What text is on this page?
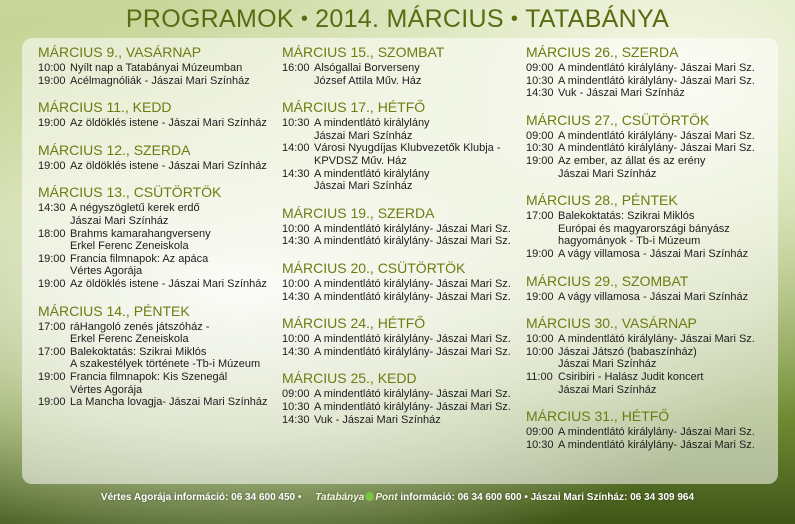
PROGRAMOK • 2014. MÁRCIUS • TATABÁNYA
MÁRCIUS 9., VASÁRNAP
10:00 Nyílt nap a Tatabányai Múzeumban
19:00 Acélmagnóliák - Jászai Mari Színház
MÁRCIUS 11., KEDD
19:00 Az öldöklés istene - Jászai Mari Színház
MÁRCIUS 12., SZERDA
19:00 Az öldöklés istene - Jászai Mari Színház
MÁRCIUS 13., CSÜTÖRTÖK
14:30 A négyszögletű kerek erdő
Jászai Mari Színház
18:00 Brahms kamarahangverseny
Erkel Ferenc Zeneiskola
19:00 Francia filmnapok: Az apáca
Vértes Agorája
19:00 Az öldöklés istene - Jászai Mari Színház
MÁRCIUS 14., PÉNTEK
17:00 ráHangoló zenés játszóház -
Erkel Ferenc Zeneiskola
17:00 Balekoktatás: Szikrai Miklós
A szakestélyek története -Tb-i Múzeum
19:00 Francia filmnapok: Kis Szenegál
Vértes Agorája
19:00 La Mancha lovagja- Jászai Mari Színház
MÁRCIUS 15., SZOMBAT
16:00 Alsógallai Borverseny
József Attila Műv. Ház
MÁRCIUS 17., HÉTFŐ
10:30 A mindentlátó királylány
Jászai Mari Színház
14:00 Városi Nyugdíjas Klubvezetők Klubja -
KPVDSZ Műv. Ház
14:30 A mindentlátó királylány
Jászai Mari Színház
MÁRCIUS 19., SZERDA
10:00 A mindentlátó királylány- Jászai Mari Sz.
14:30 A mindentlátó királylány- Jászai Mari Sz.
MÁRCIUS 20., CSÜTÖRTÖK
10:00 A mindentlátó királylány- Jászai Mari Sz.
14:30 A mindentlátó királylány- Jászai Mari Sz.
MÁRCIUS 24., HÉTFŐ
10:00 A mindentlátó királylány- Jászai Mari Sz.
14:30 A mindentlátó királylány- Jászai Mari Sz.
MÁRCIUS 25., KEDD
09:00 A mindentlátó királylány- Jászai Mari Sz.
10:30 A mindentlátó királylány- Jászai Mari Sz.
14:30 Vuk - Jászai Mari Színház
MÁRCIUS 26., SZERDA
09:00 A mindentlátó királylány- Jászai Mari Sz.
10:30 A mindentlátó királylány- Jászai Mari Sz.
14:30 Vuk - Jászai Mari Színház
MÁRCIUS 27., CSÜTÖRTÖK
09:00 A mindentlátó királylány- Jászai Mari Sz.
10:30 A mindentlátó királylány- Jászai Mari Sz.
19:00 Az ember, az állat és az erény
Jászai Mari Színház
MÁRCIUS 28., PÉNTEK
17:00 Balekoktatás: Szikrai Miklós
Európai és magyarországi bányász
hagyományok - Tb-i Múzeum
19:00 A vágy villamosa - Jászai Mari Színház
MÁRCIUS 29., SZOMBAT
19:00 A vágy villamosa - Jászai Mari Színház
MÁRCIUS 30., VASÁRNAP
10:00 A mindentlátó királylány- Jászai Mari Sz.
10:00 Jászai Játszó (babaszínház)
Jászai Mari Színház
11:00 Csiribiri - Halász Judit koncert
Jászai Mari Színház
MÁRCIUS 31., HÉTFŐ
09:00 A mindentlátó királylány- Jászai Mari Sz.
10:30 A mindentlátó királylány- Jászai Mari Sz.
Vértes Agorája információ: 06 34 600 450 •	Tatabánya Pont

információ: 06 34 600 600 • Jászai Mari Színház: 06 34 309 964
